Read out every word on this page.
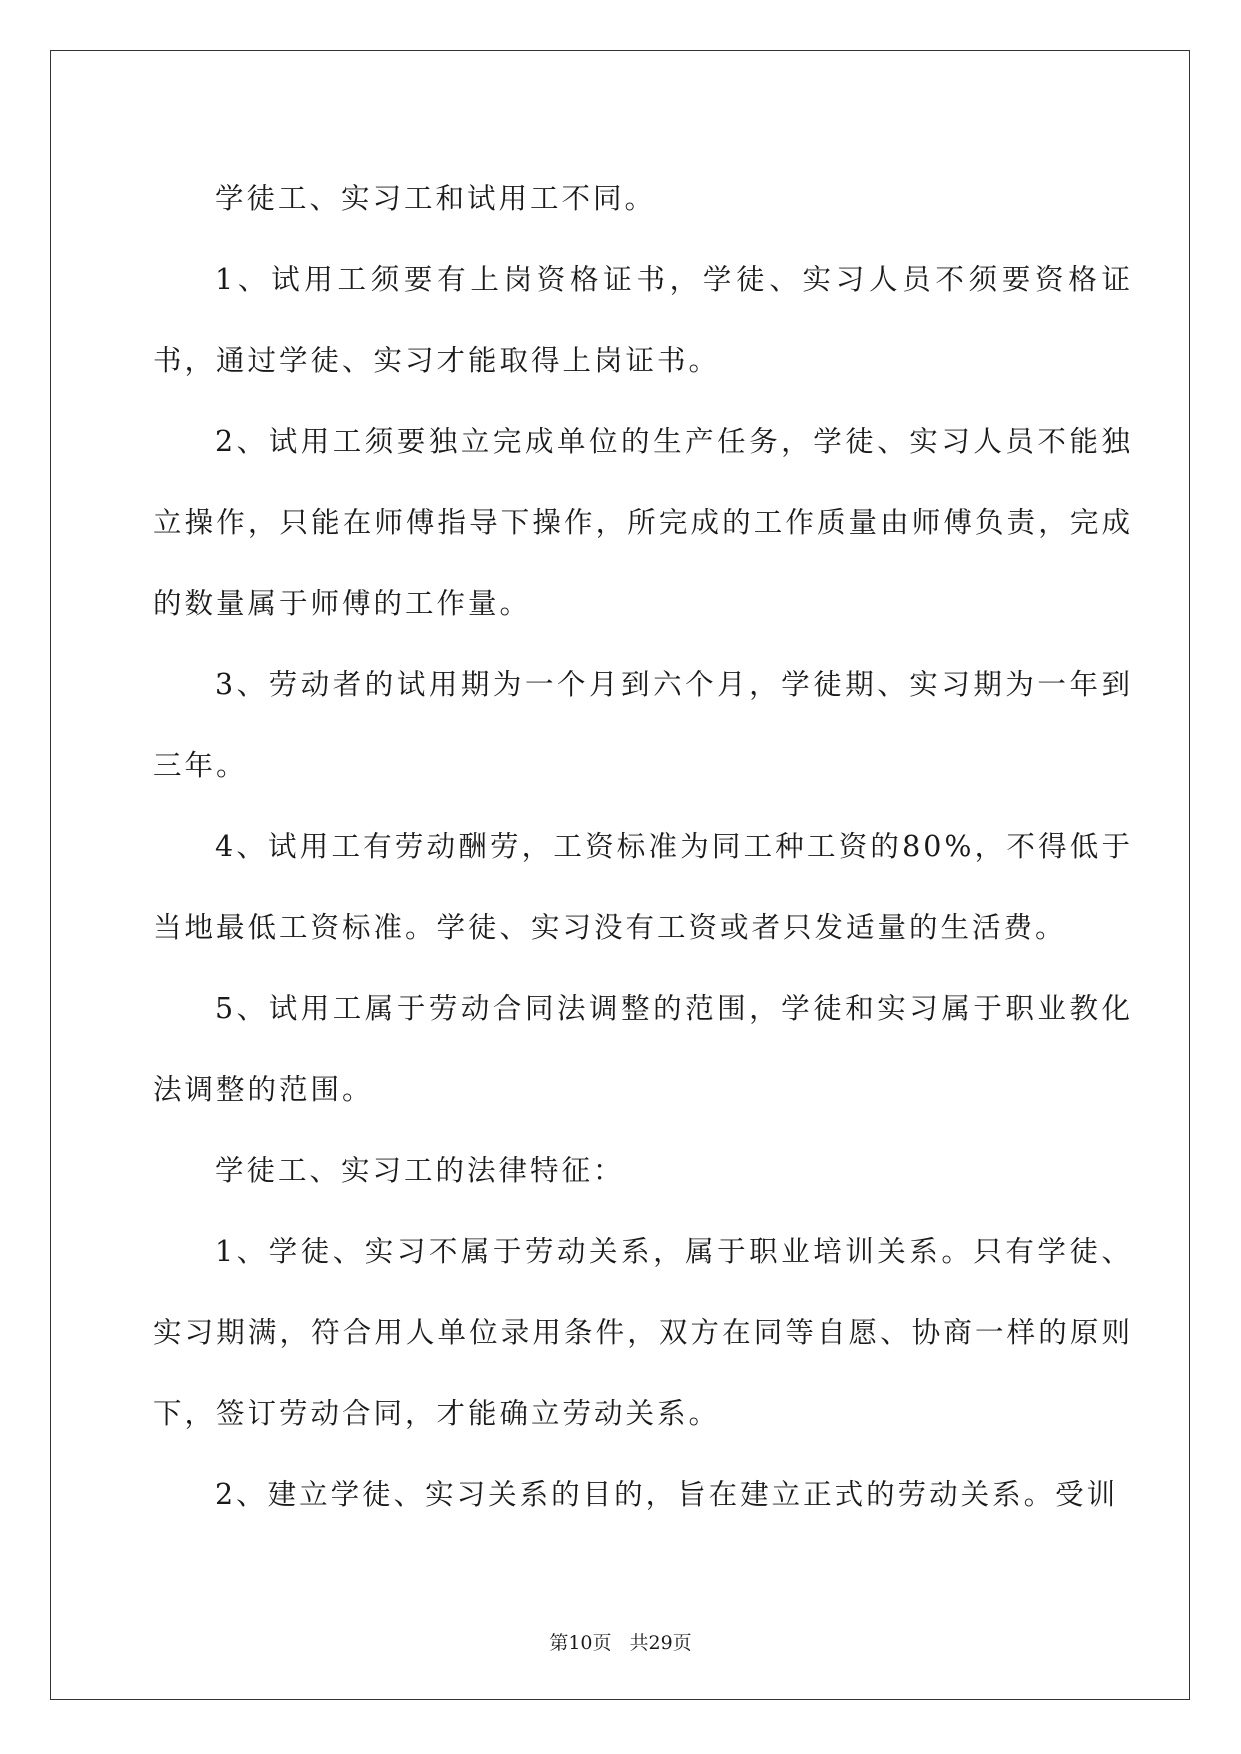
学徒工、实习工和试用工不同。

1、试用工须要有上岗资格证书，学徒、实习人员不须要资格证书，通过学徒、实习才能取得上岗证书。

2、试用工须要独立完成单位的生产任务，学徒、实习人员不能独立操作，只能在师傅指导下操作，所完成的工作质量由师傅负责，完成的数量属于师傅的工作量。

3、劳动者的试用期为一个月到六个月，学徒期、实习期为一年到三年。

4、试用工有劳动酬劳，工资标准为同工种工资的80%，不得低于当地最低工资标准。学徒、实习没有工资或者只发适量的生活费。

5、试用工属于劳动合同法调整的范围，学徒和实习属于职业教化法调整的范围。

学徒工、实习工的法律特征：

1、学徒、实习不属于劳动关系，属于职业培训关系。只有学徒、实习期满，符合用人单位录用条件，双方在同等自愿、协商一样的原则下，签订劳动合同，才能确立劳动关系。

2、建立学徒、实习关系的目的，旨在建立正式的劳动关系。受训

第10页 共29页
